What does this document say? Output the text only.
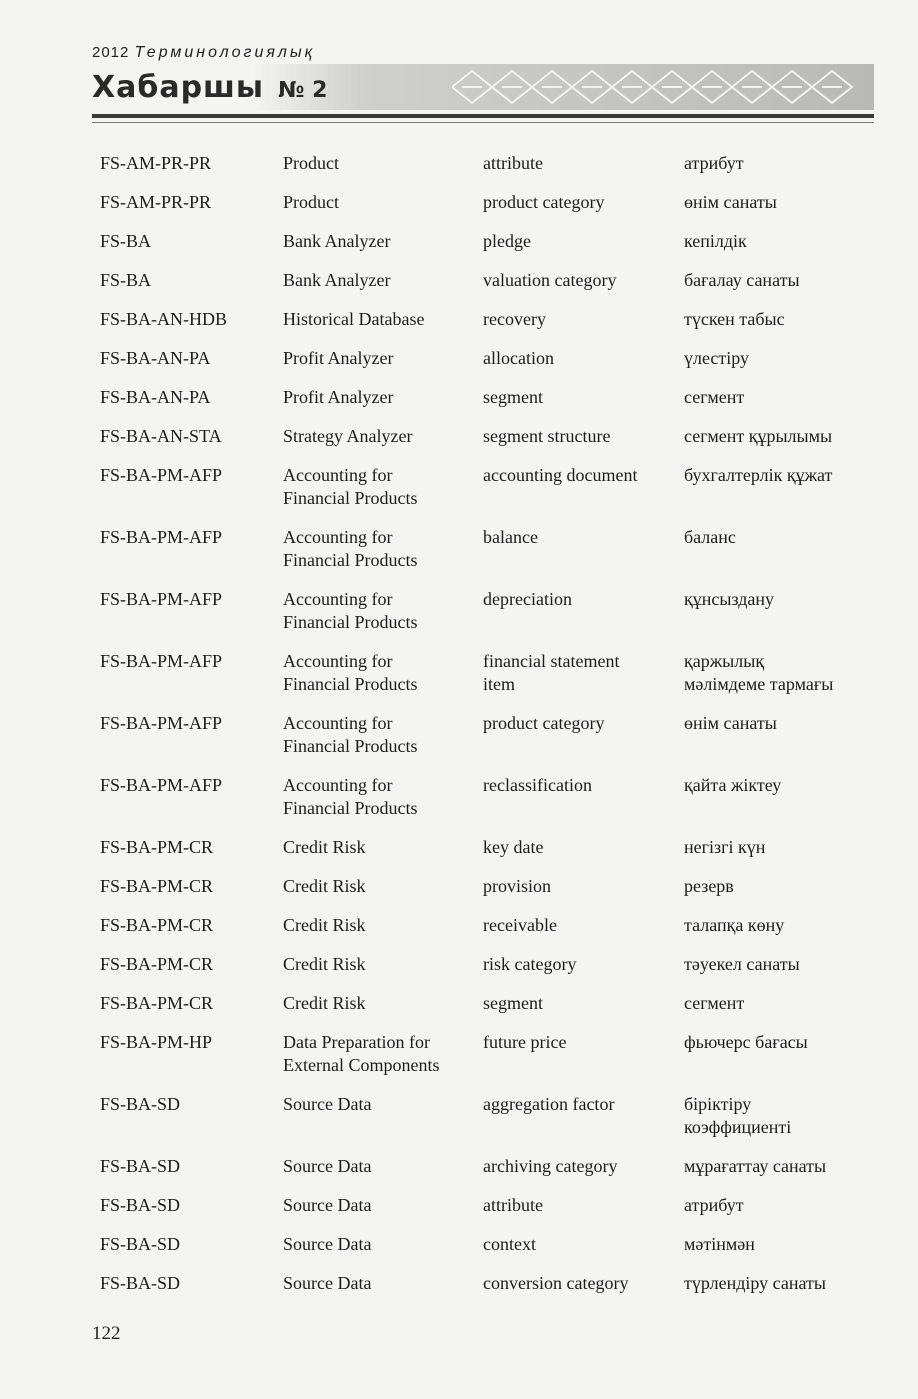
2012 Терминологиялық
Хабаршы № 2
FS-AM-PR-PR	Product	attribute	атрибут

FS-AM-PR-PR	Product	product category	өнім санаты

FS-BA	Bank Analyzer	pledge	кепілдік

FS-BA	Bank Analyzer	valuation category	бағалау санаты

FS-BA-AN-HDB	Historical Database	recovery	түскен табыс

FS-BA-AN-PA	Profit Analyzer	allocation	үлестіру

FS-BA-AN-PA	Profit Analyzer	segment	сегмент

FS-BA-AN-STA	Strategy Analyzer	segment structure	сегмент құрылымы

FS-BA-PM-AFP	Accounting for
Financial Products	accounting document	бухгалтерлік құжат

FS-BA-PM-AFP	Accounting for
Financial Products	balance	баланс

FS-BA-PM-AFP	Accounting for
Financial Products	depreciation	құнсыздану

FS-BA-PM-AFP	Accounting for
Financial Products	financial statement
item	қаржылық
мәлімдеме тармағы

FS-BA-PM-AFP	Accounting for
Financial Products	product category	өнім санаты

FS-BA-PM-AFP	Accounting for
Financial Products	reclassification	қайта жіктеу

FS-BA-PM-CR	Credit Risk	key date	негізгі күн

FS-BA-PM-CR	Credit Risk	provision	резерв

FS-BA-PM-CR	Credit Risk	receivable	талапқа көну

FS-BA-PM-CR	Credit Risk	risk category	тәуекел санаты

FS-BA-PM-CR	Credit Risk	segment	сегмент

FS-BA-PM-HP	Data Preparation for
External Components	future price	фьючерс бағасы

FS-BA-SD	Source Data	aggregation factor	біріктіру
коэффициенті

FS-BA-SD	Source Data	archiving category	мұрағаттау санаты

FS-BA-SD	Source Data	attribute	атрибут

FS-BA-SD	Source Data	context	мәтінмән

FS-BA-SD	Source Data	conversion category	түрлендіру санаты
122
